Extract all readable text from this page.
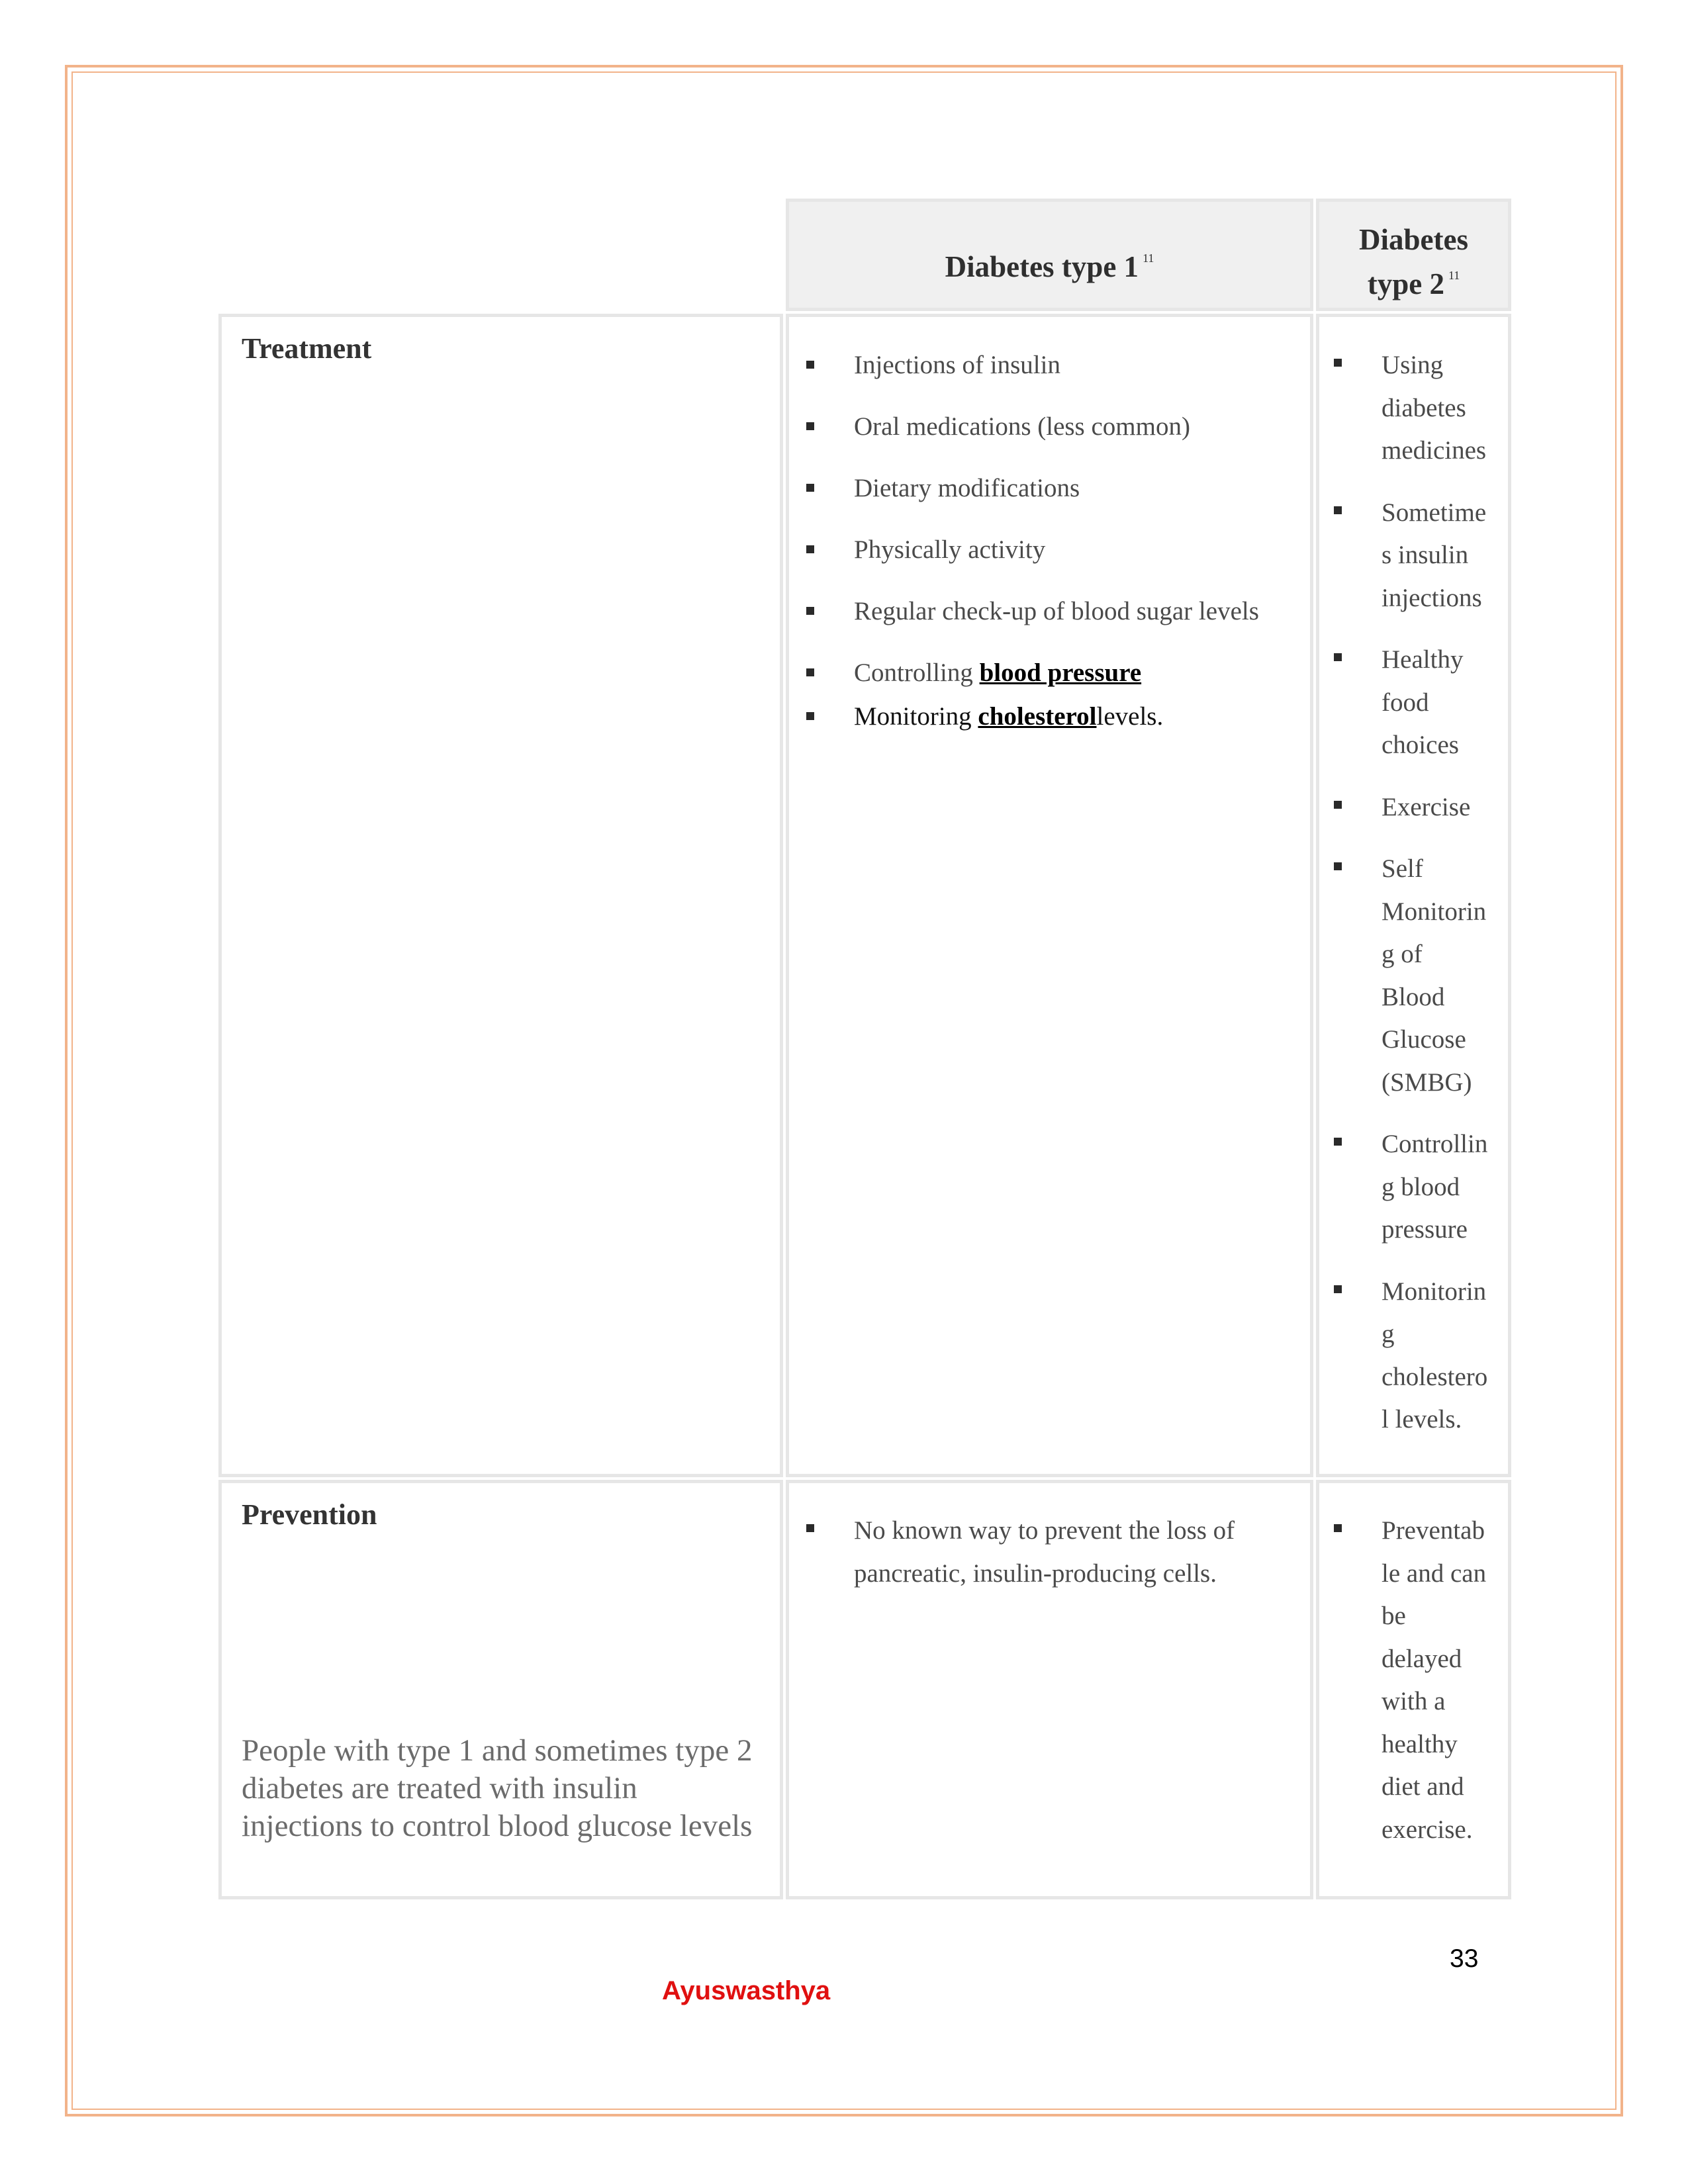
Diabetes type 1 $^{11}$
Diabetes
type 2 $^{11}$
Treatment
Injections of insulin
Oral medications (less common)
Dietary modifications
Physically activity
Regular check-up of blood sugar levels
Controlling blood pressure
Monitoring cholesterollevels.
Using
diabetes
medicines
Sometime
s insulin
injections
Healthy
food
choices
Exercise
Self
Monitorin
g of
Blood
Glucose
(SMBG)
Controllin
g blood
pressure
Monitorin
g
cholestero
l levels.
Prevention
People with type 1 and sometimes type 2 diabetes are treated with insulin injections to control blood glucose levels
No known way to prevent the loss of
pancreatic, insulin-producing cells.
Preventab
le and can
be
delayed
with a
healthy
diet and
exercise.
33
Ayuswasthya
